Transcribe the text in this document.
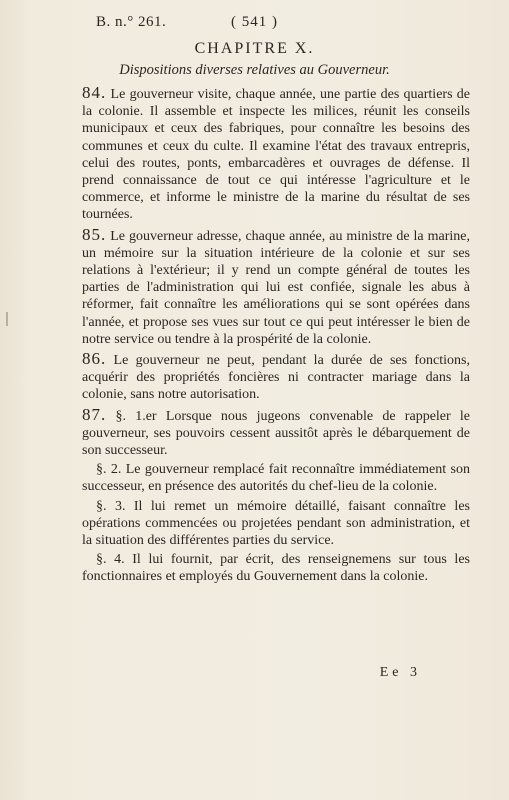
B. n.° 261.	( 541 )
CHAPITRE X.
Dispositions diverses relatives au Gouverneur.

84. Le gouverneur visite, chaque année, une partie des quartiers de la colonie. Il assemble et inspecte les milices, réunit les conseils municipaux et ceux des fabriques, pour connaître les besoins des communes et ceux du culte. Il examine l'état des travaux entrepris, celui des routes, ponts, embarcadères et ouvrages de défense. Il prend connaissance de tout ce qui intéresse l'agriculture et le commerce, et informe le ministre de la marine du résultat de ses tournées.

85. Le gouverneur adresse, chaque année, au ministre de la marine, un mémoire sur la situation intérieure de la colonie et sur ses relations à l'extérieur; il y rend un compte général de toutes les parties de l'administration qui lui est confiée, signale les abus à réformer, fait connaître les améliorations qui se sont opérées dans l'année, et propose ses vues sur tout ce qui peut intéresser le bien de notre service ou tendre à la prospérité de la colonie.

86. Le gouverneur ne peut, pendant la durée de ses fonctions, acquérir des propriétés foncières ni contracter mariage dans la colonie, sans notre autorisation.

87. §. 1.er Lorsque nous jugeons convenable de rappeler le gouverneur, ses pouvoirs cessent aussitôt après le débarquement de son successeur.

§. 2. Le gouverneur remplacé fait reconnaître immédiatement son successeur, en présence des autorités du chef-lieu de la colonie.

§. 3. Il lui remet un mémoire détaillé, faisant connaître les opérations commencées ou projetées pendant son administration, et la situation des différentes parties du service.

§. 4. Il lui fournit, par écrit, des renseignemens sur tous les fonctionnaires et employés du Gouvernement dans la colonie.

Ee 3
